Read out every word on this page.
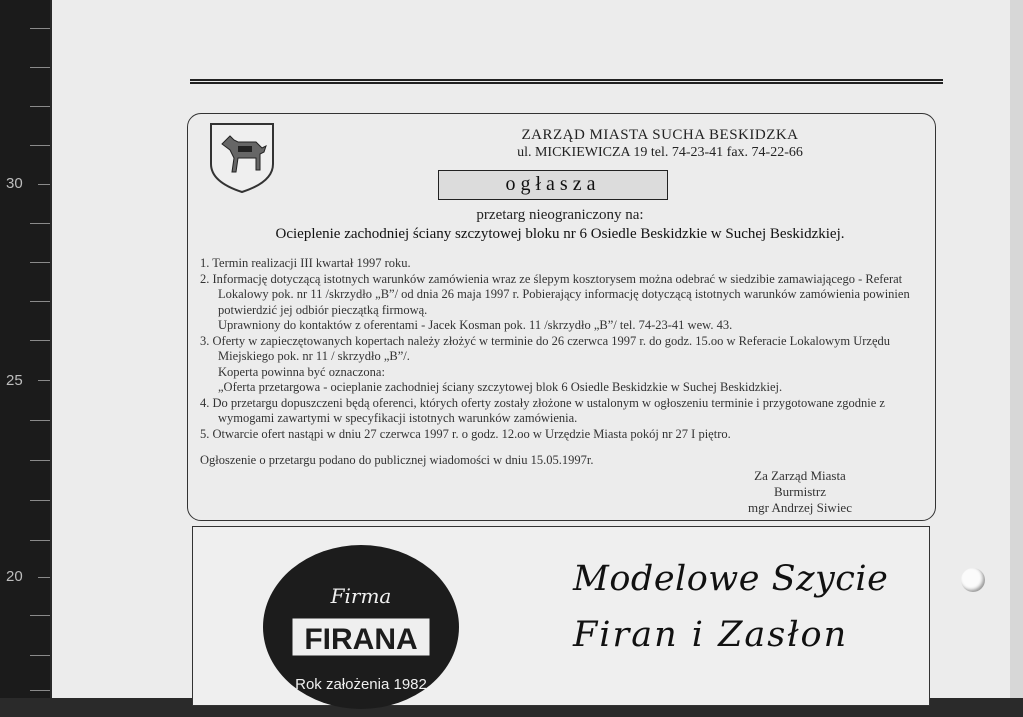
30
25
20
ZARZĄD MIASTA SUCHA BESKIDZKA
ul. MICKIEWICZA 19 tel. 74-23-41 fax. 74-22-66
ogłasza
przetarg nieograniczony na:
Ocieplenie zachodniej ściany szczytowej bloku nr 6 Osiedle Beskidzkie w Suchej Beskidzkiej.

1. Termin realizacji III kwartał 1997 roku.

2. Informację dotyczącą istotnych warunków zamówienia wraz ze ślepym kosztorysem można odebrać w siedzibie zamawiającego - Referat Lokalowy pok. nr 11 /skrzydło „B”/ od dnia 26 maja 1997 r. Pobierający informację dotyczącą istotnych warunków zamówienia powinien potwierdzić jej odbiór pieczątką firmową.

Uprawniony do kontaktów z oferentami - Jacek Kosman pok. 11 /skrzydło „B”/ tel. 74-23-41 wew. 43.

3. Oferty w zapieczętowanych kopertach należy złożyć w terminie do 26 czerwca 1997 r. do godz. 15.oo w Referacie Lokalowym Urzędu Miejskiego pok. nr 11 / skrzydło „B”/.

Koperta powinna być oznaczona:

„Oferta przetargowa - ocieplanie zachodniej ściany szczytowej blok 6 Osiedle Beskidzkie w Suchej Beskidzkiej.

4. Do przetargu dopuszczeni będą oferenci, których oferty zostały złożone w ustalonym w ogłoszeniu terminie i przygotowane zgodnie z wymogami zawartymi w specyfikacji istotnych warunków zamówienia.

5. Otwarcie ofert nastąpi w dniu 27 czerwca 1997 r. o godz. 12.oo w Urzędzie Miasta pokój nr 27 I piętro.

Ogłoszenie o przetargu podano do publicznej wiadomości w dniu 15.05.1997r.
Za Zarząd Miasta
Burmistrz
mgr Andrzej Siwiec
FIRANA
Firma
Rok założenia 1982
Modelowe Szycie
Firan i Zasłon
